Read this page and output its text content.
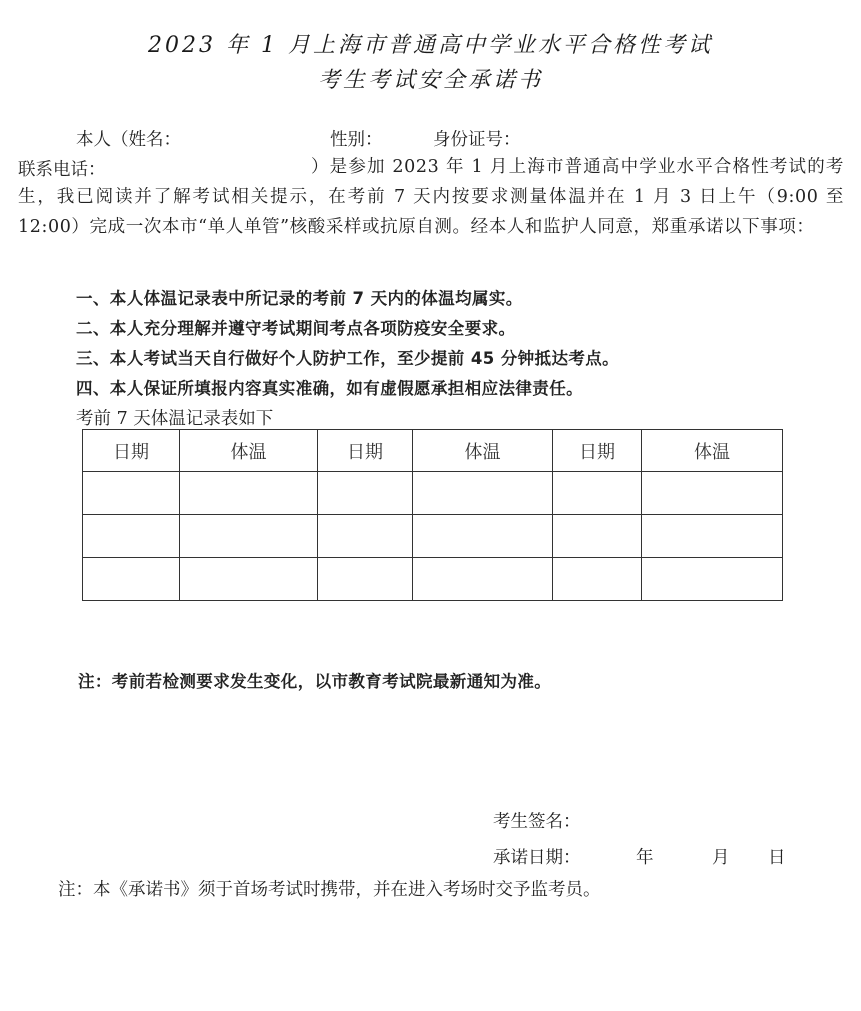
2023 年 1 月上海市普通高中学业水平合格性考试
考生考试安全承诺书
本人（姓名：	性别：	身份证号：
联系电话：	）是参加 2023 年 1 月上海市普通高中学业水平合格性考试的考生，我已阅读并了解考试相关提示，在考前 7 天内按要求测量体温并在 1 月 3 日上午（9:00 至 12:00）完成一次本市“单人单管”核酸采样或抗原自测。经本人和监护人同意，郑重承诺以下事项：
一、本人体温记录表中所记录的考前 7 天内的体温均属实。
二、本人充分理解并遵守考试期间考点各项防疫安全要求。
三、本人考试当天自行做好个人防护工作，至少提前 45 分钟抵达考点。
四、本人保证所填报内容真实准确，如有虚假愿承担相应法律责任。
考前 7 天体温记录表如下
日期	体温	日期	体温	日期	体温

注：考前若检测要求发生变化，以市教育考试院最新通知为准。
考生签名：
承诺日期：	年	月 日
注：本《承诺书》须于首场考试时携带，并在进入考场时交予监考员。
